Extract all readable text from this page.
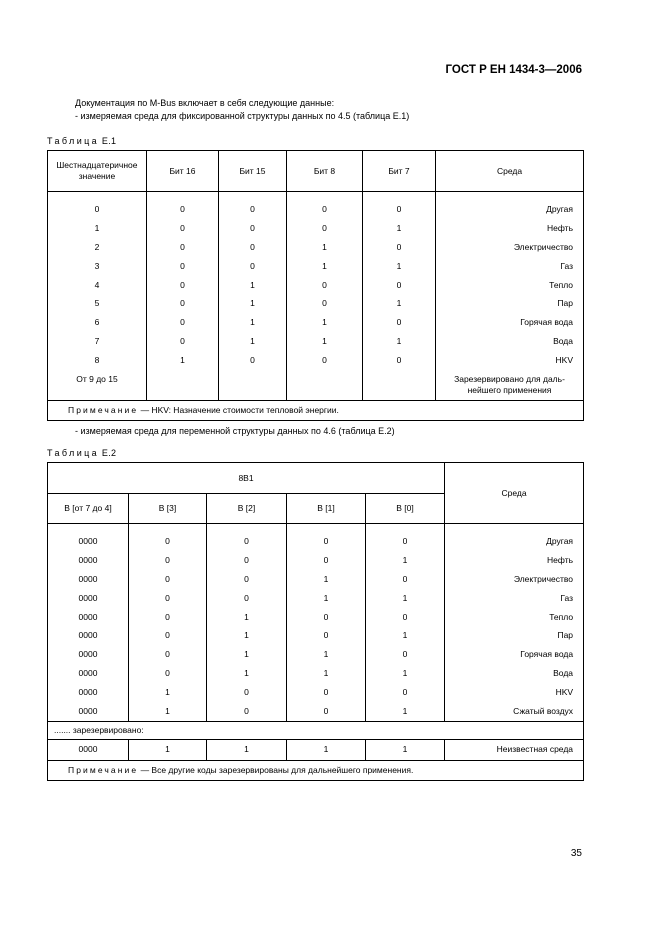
ГОСТ Р ЕН 1434-3—2006
Документация по M-Bus включает в себя следующие данные:
- измеряемая среда для фиксированной структуры данных по 4.5 (таблица E.1)
Таблица E.1
Шестнадцатеричное значение	Бит 16	Бит 15	Бит 8	Бит 7	Среда

0	0	0	0	0	Другая
1	0	0	0	1	Нефть
2	0	0	1	0	Электричество
3	0	0	1	1	Газ
4	0	1	0	0	Тепло
5	0	1	0	1	Пар
6	0	1	1	0	Горячая вода
7	0	1	1	1	Вода
8	1	0	0	0	HKV
От 9 до 15					Зарезервировано для даль-нейшего применения
Примечание — HKV: Назначение стоимости тепловой энергии.					
- измеряемая среда для переменной структуры данных по 4.6 (таблица E.2)
Таблица E.2
8В1					Среда
B [от 7 до 4]	B [3]	B [2]	B [1]	B [0]	

0000	0	0	0	0	Другая
0000	0	0	0	1	Нефть
0000	0	0	1	0	Электричество
0000	0	0	1	1	Газ
0000	0	1	0	0	Тепло
0000	0	1	0	1	Пар
0000	0	1	1	0	Горячая вода
0000	0	1	1	1	Вода
0000	1	0	0	0	HKV
0000	1	0	0	1	Сжатый воздух
....... зарезервировано:					
0000	1	1	1	1	Неизвестная среда
Примечание — Все другие коды зарезервированы для дальнейшего применения.					
35
